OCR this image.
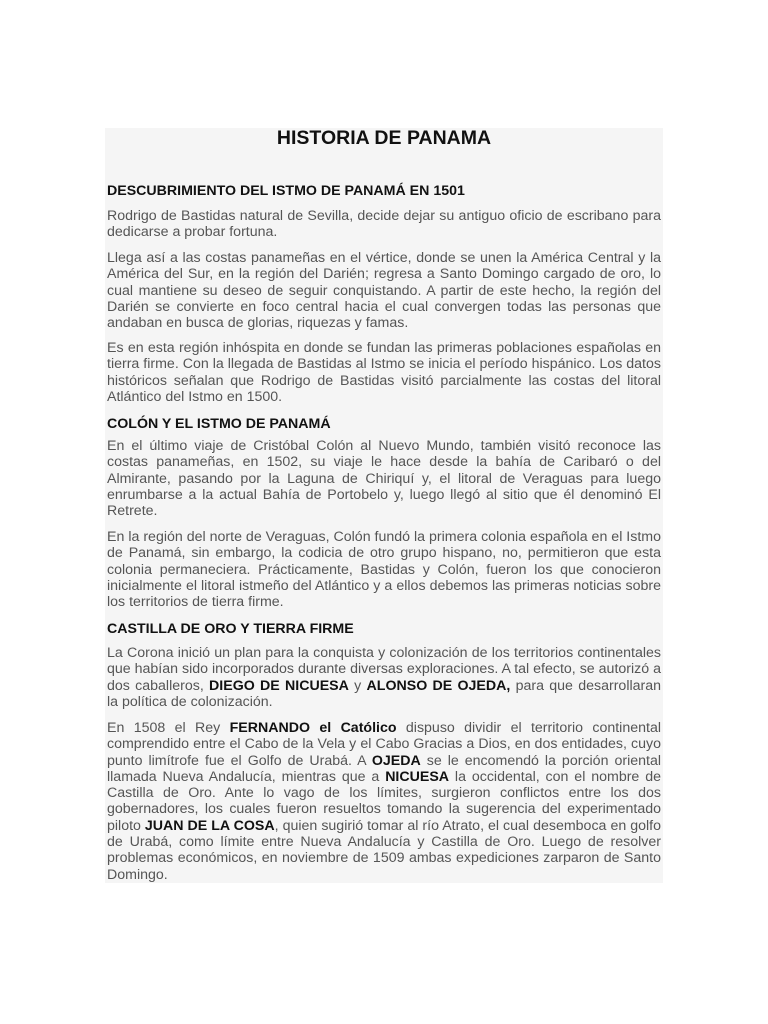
HISTORIA DE PANAMA
DESCUBRIMIENTO DEL ISTMO DE PANAMÁ EN 1501

Rodrigo de Bastidas natural de Sevilla, decide dejar su antiguo oficio de escribano para dedicarse a probar fortuna.

Llega así a las costas panameñas en el vértice, donde se unen la América Central y la América del Sur, en la región del Darién; regresa a Santo Domingo cargado de oro, lo cual mantiene su deseo de seguir conquistando. A partir de este hecho, la región del Darién se convierte en foco central hacia el cual convergen todas las personas que andaban en busca de glorias, riquezas y famas.

Es en esta región inhóspita en donde se fundan las primeras poblaciones españolas en tierra firme. Con la llegada de Bastidas al Istmo se inicia el período hispánico. Los datos históricos señalan que Rodrigo de Bastidas visitó parcialmente las costas del litoral Atlántico del Istmo en 1500.

COLÓN Y EL ISTMO DE PANAMÁ

En el último viaje de Cristóbal Colón al Nuevo Mundo, también visitó reconoce las costas panameñas, en 1502, su viaje le hace desde la bahía de Caribaró o del Almirante, pasando por la Laguna de Chiriquí y, el litoral de Veraguas para luego enrumbarse a la actual Bahía de Portobelo y, luego llegó al sitio que él denominó El Retrete.

En la región del norte de Veraguas, Colón fundó la primera colonia española en el Istmo de Panamá, sin embargo, la codicia de otro grupo hispano, no, permitieron que esta colonia permaneciera. Prácticamente, Bastidas y Colón, fueron los que conocieron inicialmente el litoral istmeño del Atlántico y a ellos debemos las primeras noticias sobre los territorios de tierra firme.

CASTILLA DE ORO Y TIERRA FIRME

La Corona inició un plan para la conquista y colonización de los territorios continentales que habían sido incorporados durante diversas exploraciones. A tal efecto, se autorizó a dos caballeros, DIEGO DE NICUESA y ALONSO DE OJEDA, para que desarrollaran la política de colonización.

En 1508 el Rey FERNANDO el Católico dispuso dividir el territorio continental comprendido entre el Cabo de la Vela y el Cabo Gracias a Dios, en dos entidades, cuyo punto limítrofe fue el Golfo de Urabá. A OJEDA se le encomendó la porción oriental llamada Nueva Andalucía, mientras que a NICUESA la occidental, con el nombre de Castilla de Oro. Ante lo vago de los límites, surgieron conflictos entre los dos gobernadores, los cuales fueron resueltos tomando la sugerencia del experimentado piloto JUAN DE LA COSA, quien sugirió tomar al río Atrato, el cual desemboca en golfo de Urabá, como límite entre Nueva Andalucía y Castilla de Oro. Luego de resolver problemas económicos, en noviembre de 1509 ambas expediciones zarparon de Santo Domingo.
